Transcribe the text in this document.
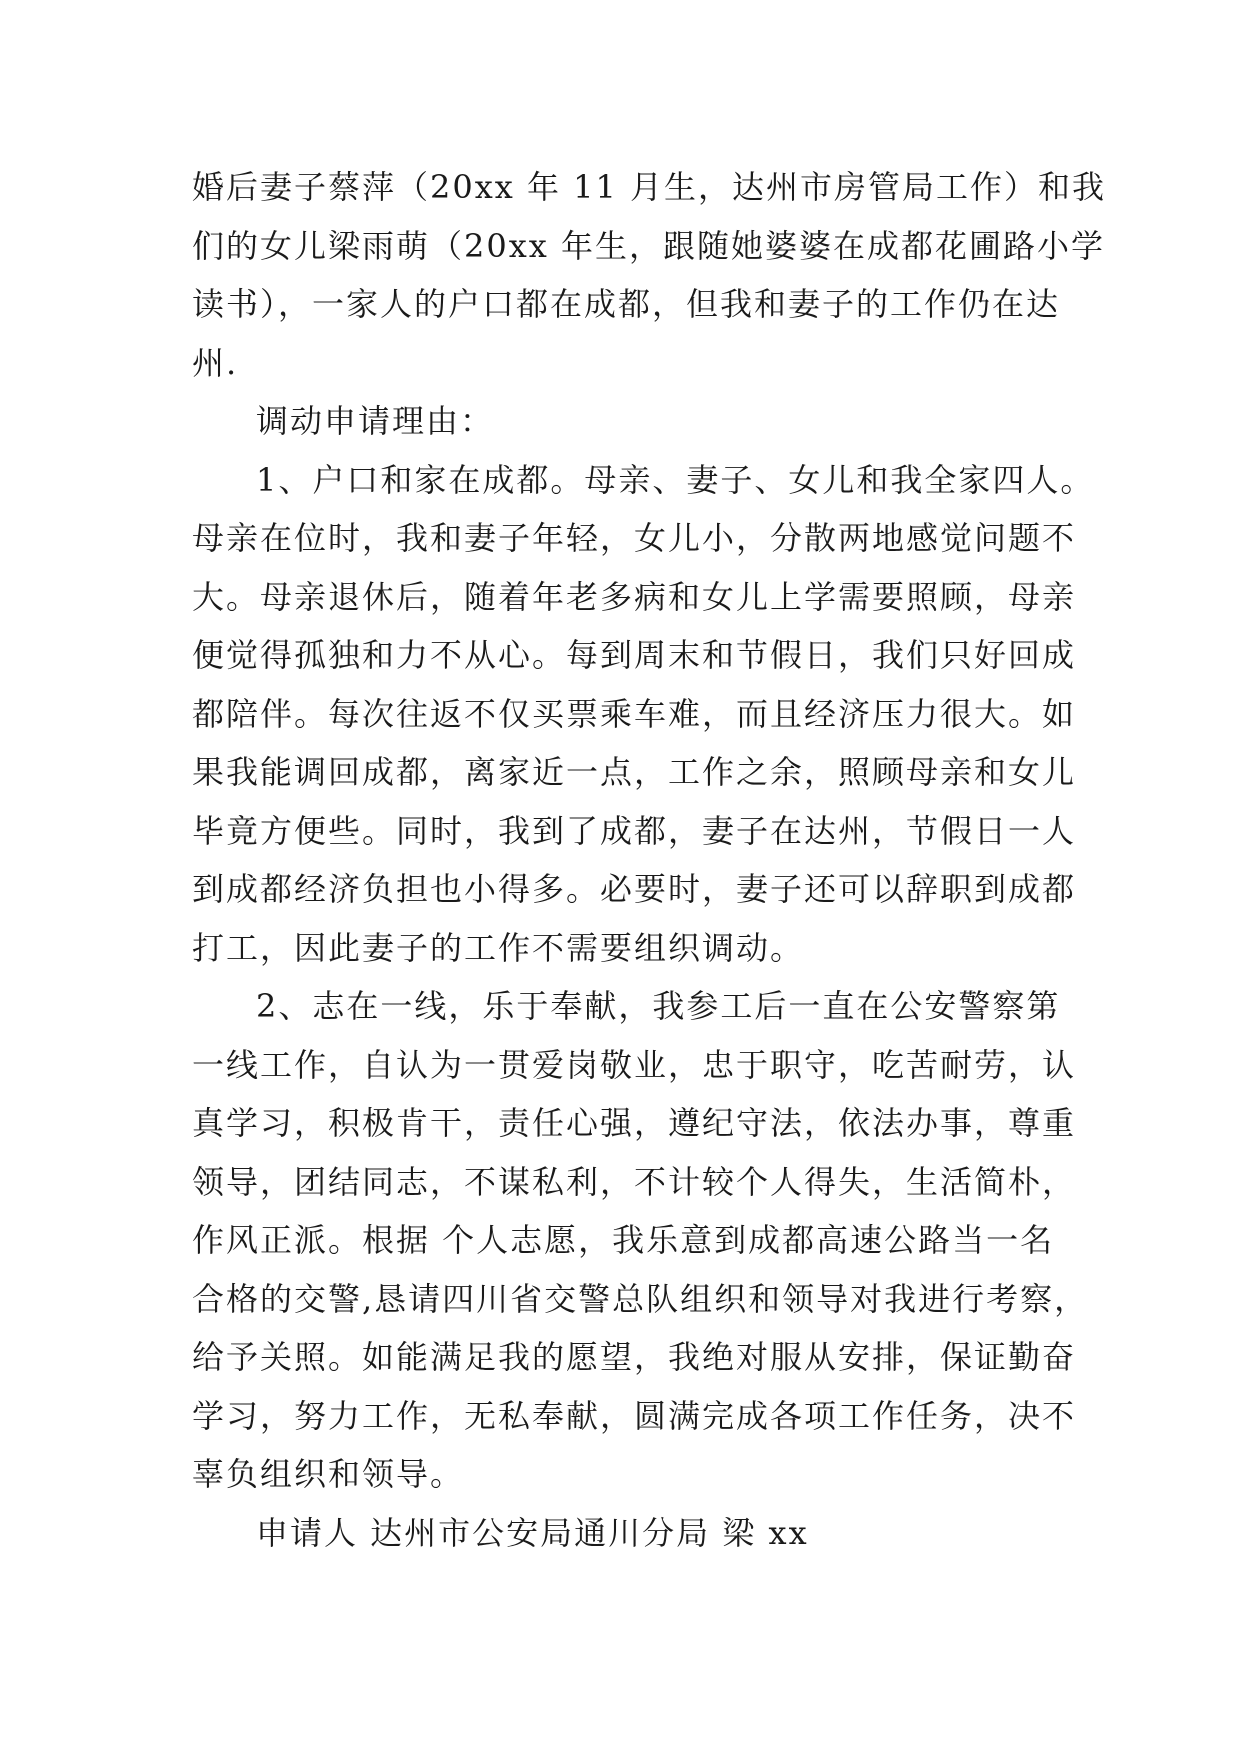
婚后妻子蔡萍（20xx 年 11 月生，达州市房管局工作）和我
们的女儿梁雨萌（20xx 年生，跟随她婆婆在成都花圃路小学
读书），一家人的户口都在成都，但我和妻子的工作仍在达
州.
调动申请理由：
1、户口和家在成都。母亲、妻子、女儿和我全家四人。
母亲在位时，我和妻子年轻，女儿小，分散两地感觉问题不
大。母亲退休后，随着年老多病和女儿上学需要照顾，母亲
便觉得孤独和力不从心。每到周末和节假日，我们只好回成
都陪伴。每次往返不仅买票乘车难，而且经济压力很大。如
果我能调回成都，离家近一点，工作之余，照顾母亲和女儿
毕竟方便些。同时，我到了成都，妻子在达州，节假日一人
到成都经济负担也小得多。必要时，妻子还可以辞职到成都
打工，因此妻子的工作不需要组织调动。
2、志在一线，乐于奉献，我参工后一直在公安警察第
一线工作，自认为一贯爱岗敬业，忠于职守，吃苦耐劳，认
真学习，积极肯干，责任心强，遵纪守法，依法办事，尊重
领导，团结同志，不谋私利，不计较个人得失，生活简朴，
作风正派。根据 个人志愿，我乐意到成都高速公路当一名
合格的交警,恳请四川省交警总队组织和领导对我进行考察，
给予关照。如能满足我的愿望，我绝对服从安排，保证勤奋
学习，努力工作，无私奉献，圆满完成各项工作任务，决不
辜负组织和领导。
申请人 达州市公安局通川分局 梁 xx
